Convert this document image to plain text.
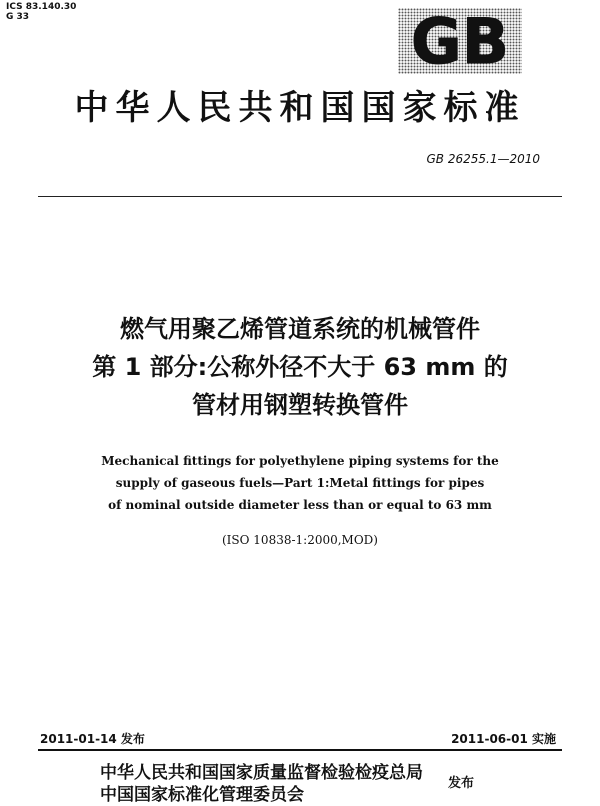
ICS 83.140.30
G 33	GB
中华人民共和国国家标准
GB 26255.1—2010
燃气用聚乙烯管道系统的机械管件
第 1 部分:公称外径不大于 63 mm 的
管材用钢塑转换管件
Mechanical fittings for polyethylene piping systems for the
supply of gaseous fuels—Part 1:Metal fittings for pipes
of nominal outside diameter less than or equal to 63 mm
(ISO 10838-1:2000,MOD)
2011-01-14 发布	2011-06-01 实施
中华人民共和国国家质量监督检验检疫总局
中国国家标准化管理委员会
发布
